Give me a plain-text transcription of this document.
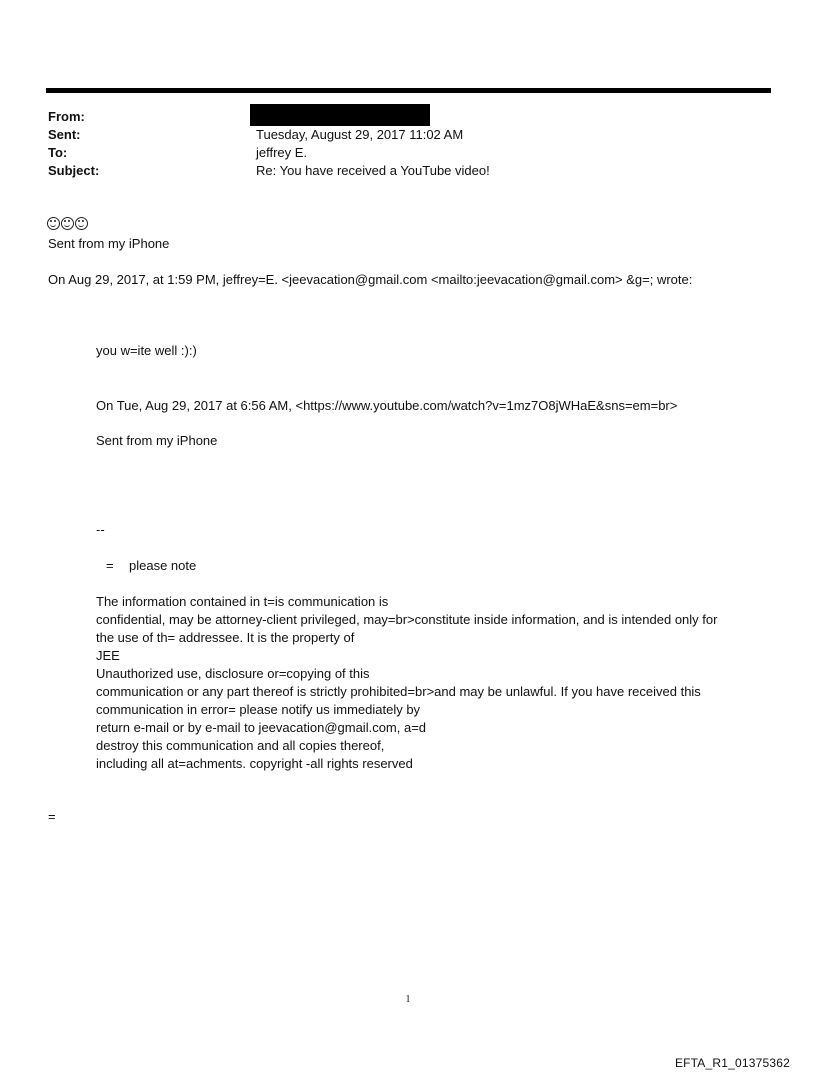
From:
Sent:	Tuesday, August 29, 2017 11:02 AM
To:	jeffrey E.
Subject:	Re: You have received a YouTube video!
Sent from my iPhone
On Aug 29, 2017, at 1:59 PM, jeffrey=E. <jeevacation@gmail.com <mailto:jeevacation@gmail.com> &g=; wrote:
you w=ite well :):)
On Tue, Aug 29, 2017 at 6:56 AM, <https://www.youtube.com/watch?v=1mz7O8jWHaE&sns=em=br>
Sent from my iPhone
--
= please note
The information contained in t=is communication is
confidential, may be attorney-client privileged, may=br>constitute inside information, and is intended only for
the use of th= addressee. It is the property of
JEE
Unauthorized use, disclosure or=copying of this
communication or any part thereof is strictly prohibited=br>and may be unlawful. If you have received this
communication in error= please notify us immediately by
return e-mail or by e-mail to jeevacation@gmail.com, a=d
destroy this communication and all copies thereof,
including all at=achments. copyright -all rights reserved
=
1
EFTA_R1_01375362
